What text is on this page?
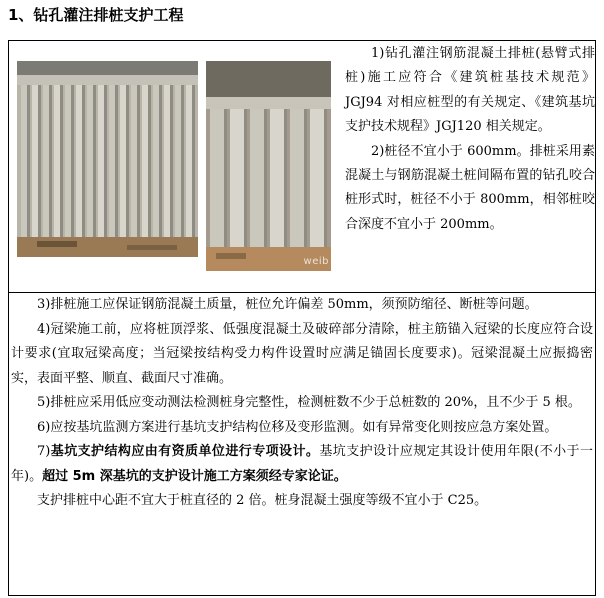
1、钻孔灌注排桩支护工程
weib

1)钻孔灌注钢筋混凝土排桩(悬臂式排桩)施工应符合《建筑桩基技术规范》JGJ94 对相应桩型的有关规定、《建筑基坑支护技术规程》JGJ120 相关规定。

2)桩径不宜小于 600mm。排桩采用素混凝土与钢筋混凝土桩间隔布置的钻孔咬合桩形式时，桩径不小于 800mm，相邻桩咬合深度不宜小于 200mm。

3)排桩施工应保证钢筋混凝土质量，桩位允许偏差 50mm，须预防缩径、断桩等问题。

4)冠梁施工前，应将桩顶浮浆、低强度混凝土及破碎部分清除，桩主筋锚入冠梁的长度应符合设计要求(宜取冠梁高度；当冠梁按结构受力构件设置时应满足锚固长度要求)。冠梁混凝土应振捣密实，表面平整、顺直、截面尺寸准确。

5)排桩应采用低应变动测法检测桩身完整性，检测桩数不少于总桩数的 20%，且不少于 5 根。

6)应按基坑监测方案进行基坑支护结构位移及变形监测。如有异常变化则按应急方案处置。

7)基坑支护结构应由有资质单位进行专项设计。基坑支护设计应规定其设计使用年限(不小于一年)。超过 5m 深基坑的支护设计施工方案须经专家论证。

支护排桩中心距不宜大于桩直径的 2 倍。桩身混凝土强度等级不宜小于 C25。
